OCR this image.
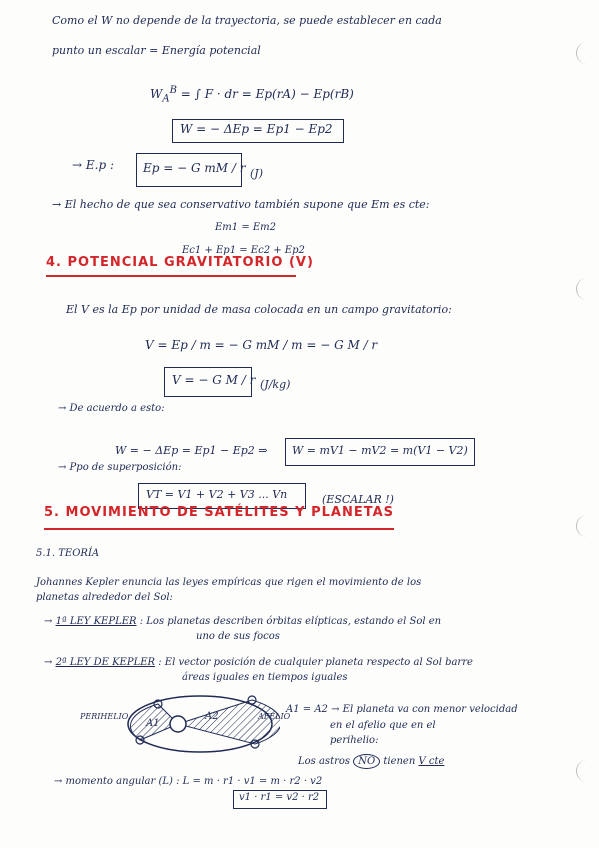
Como el W no depende de la trayectoria, se puede establecer en cada
punto un escalar = Energía potencial
$W_A^B$ = ∫ F · dr = Ep(rA) − Ep(rB)
W = − ΔEp = Ep1 − Ep2
→ E.p : Ep = − G mM / r (J)
→ El hecho de que sea conservativo también supone que Em es cte:
Em1 = Em2
Ec1 + Ep1 = Ec2 + Ep2
4. POTENCIAL GRAVITATORIO (V)
El V es la Ep por unidad de masa colocada en un campo gravitatorio:
V = Ep / m = − G mM / m = − G M / r
V = − G M / r (J/kg)
→ De acuerdo a esto:
W = − ΔEp = Ep1 − Ep2 ⇒ W = mV1 − mV2 = m(V1 − V2)
→ Ppo de superposición:
VT = V1 + V2 + V3 ... Vn	(ESCALAR !)
5. MOVIMIENTO DE SATÉLITES Y PLANETAS
5.1. TEORÍA
Johannes Kepler enuncia las leyes empíricas que rigen el movimiento de los
planetas alrededor del Sol:
→ 1ª LEY KEPLER : Los planetas describen órbitas elípticas, estando el Sol en
uno de sus focos
→ 2ª LEY DE KEPLER : El vector posición de cualquier planeta respecto al Sol barre
áreas iguales en tiempos iguales
PERIHELIO	AFELIO
A1
A2
A1 = A2 → El planeta va con menor velocidad
en el afelio que en el
perihelio:
Los astros NO tienen V cte
→ momento angular (L) : L = m · r1 · v1 = m · r2 · v2
v1 · r1 = v2 · r2
